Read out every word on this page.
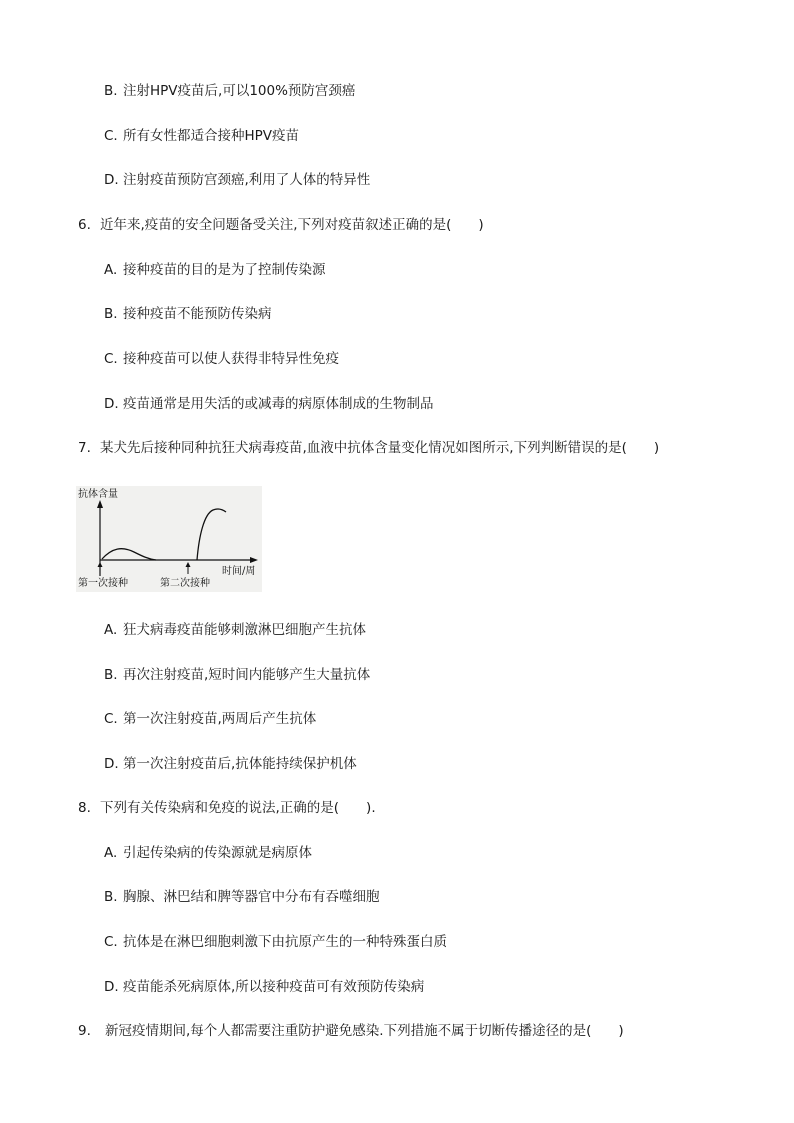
B. 注射HPV疫苗后,可以100%预防宫颈癌
C. 所有女性都适合接种HPV疫苗
D. 注射疫苗预防宫颈癌,利用了人体的特异性
6. 近年来,疫苗的安全问题备受关注,下列对疫苗叙述正确的是(　　)
A. 接种疫苗的目的是为了控制传染源
B. 接种疫苗不能预防传染病
C. 接种疫苗可以使人获得非特异性免疫
D. 疫苗通常是用失活的或减毒的病原体制成的生物制品
7. 某犬先后接种同种抗狂犬病毒疫苗,血液中抗体含量变化情况如图所示,下列判断错误的是(　　)
抗体含量
时间/周
第一次接种	第二次接种
A. 狂犬病毒疫苗能够刺激淋巴细胞产生抗体
B. 再次注射疫苗,短时间内能够产生大量抗体
C. 第一次注射疫苗,两周后产生抗体
D. 第一次注射疫苗后,抗体能持续保护机体
8. 下列有关传染病和免疫的说法,正确的是(　　).
A. 引起传染病的传染源就是病原体
B. 胸腺、淋巴结和脾等器官中分布有吞噬细胞
C. 抗体是在淋巴细胞刺激下由抗原产生的一种特殊蛋白质
D. 疫苗能杀死病原体,所以接种疫苗可有效预防传染病
9. 新冠疫情期间,每个人都需要注重防护避免感染.下列措施不属于切断传播途径的是(　　)
